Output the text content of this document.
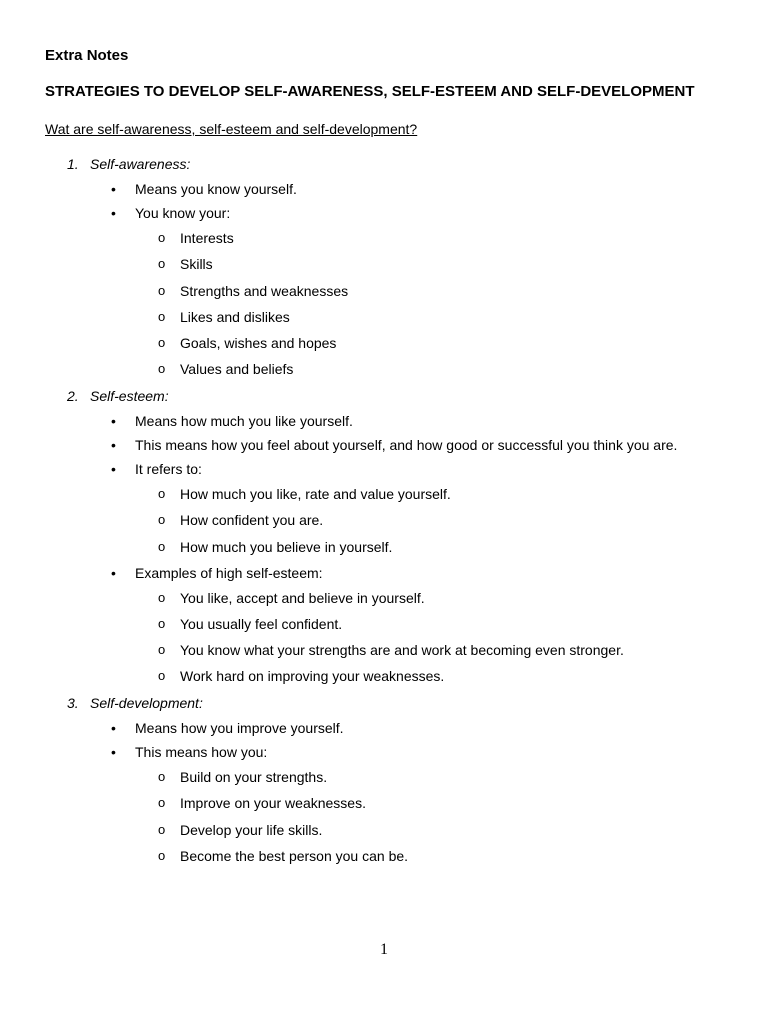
Extra Notes
STRATEGIES TO DEVELOP SELF-AWARENESS, SELF-ESTEEM AND SELF-DEVELOPMENT
Wat are self-awareness, self-esteem and self-development?
1. Self-awareness:
• Means you know yourself.
• You know your:
o Interests
o Skills
o Strengths and weaknesses
o Likes and dislikes
o Goals, wishes and hopes
o Values and beliefs
2. Self-esteem:
• Means how much you like yourself.
• This means how you feel about yourself, and how good or successful you think you are.
• It refers to:
o How much you like, rate and value yourself.
o How confident you are.
o How much you believe in yourself.
• Examples of high self-esteem:
o You like, accept and believe in yourself.
o You usually feel confident.
o You know what your strengths are and work at becoming even stronger.
o Work hard on improving your weaknesses.
3. Self-development:
• Means how you improve yourself.
• This means how you:
o Build on your strengths.
o Improve on your weaknesses.
o Develop your life skills.
o Become the best person you can be.
1
